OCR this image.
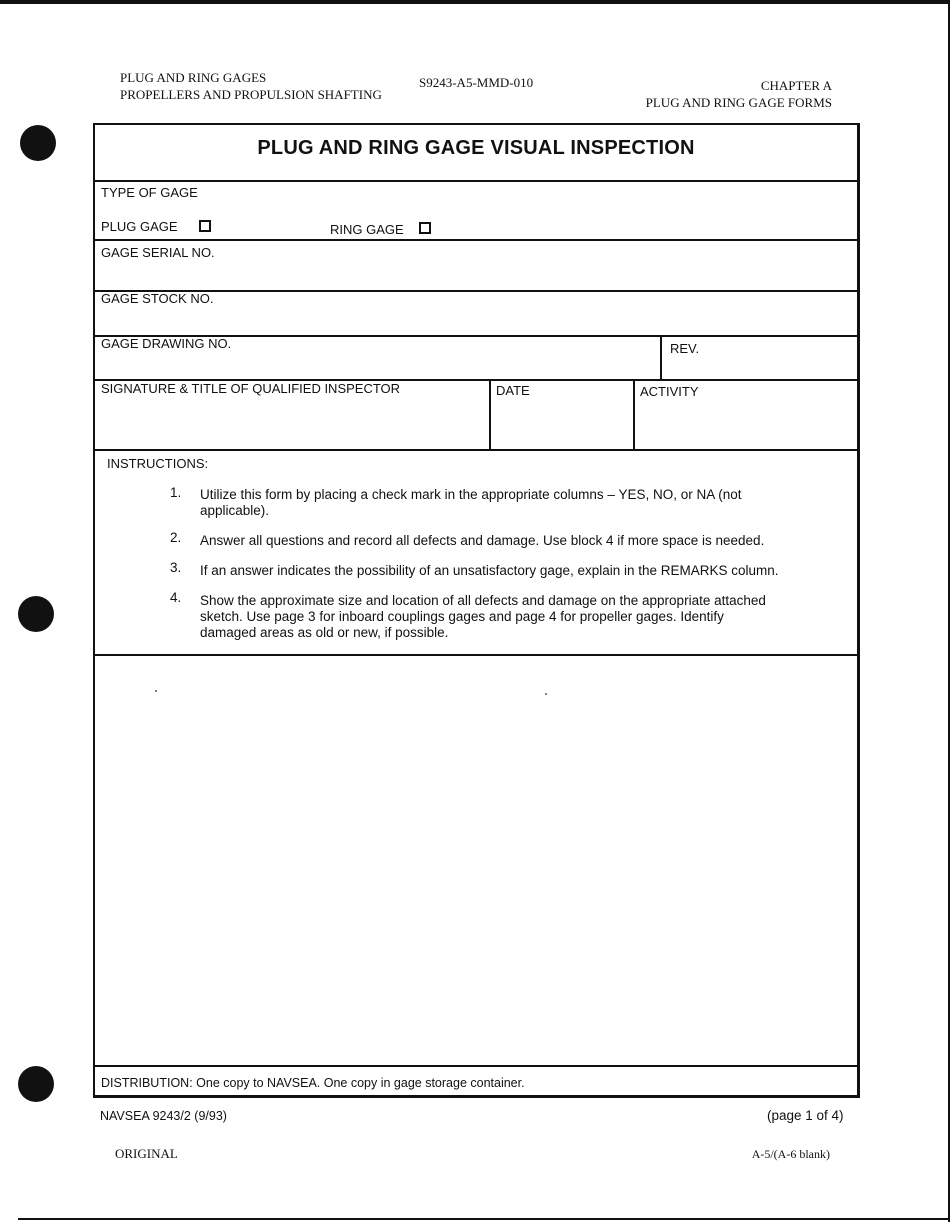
PLUG AND RING GAGES
PROPELLERS AND PROPULSION SHAFTING
S9243-A5-MMD-010	CHAPTER A
PLUG AND RING GAGE FORMS
PLUG AND RING GAGE VISUAL INSPECTION
TYPE OF GAGE
PLUG GAGE	RING GAGE
GAGE SERIAL NO.
GAGE STOCK NO.
GAGE DRAWING NO.	REV.
SIGNATURE & TITLE OF QUALIFIED INSPECTOR	DATE	ACTIVITY
INSTRUCTIONS:
1. Utilize this form by placing a check mark in the appropriate columns – YES, NO, or NA (not
applicable).
2. Answer all questions and record all defects and damage. Use block 4 if more space is needed.
3. If an answer indicates the possibility of an unsatisfactory gage, explain in the REMARKS column.
4. Show the approximate size and location of all defects and damage on the appropriate attached
sketch. Use page 3 for inboard couplings gages and page 4 for propeller gages. Identify
damaged areas as old or new, if possible.
DISTRIBUTION: One copy to NAVSEA. One copy in gage storage container.
NAVSEA 9243/2 (9/93)	(page 1 of 4)
ORIGINAL	A-5/(A-6 blank)
